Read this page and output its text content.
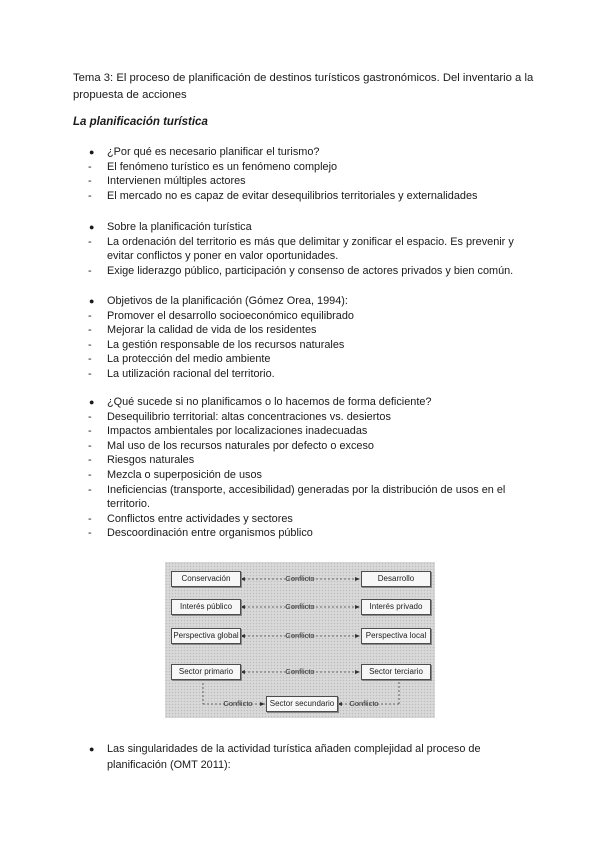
Tema 3: El proceso de planificación de destinos turísticos gastronómicos. Del inventario a la propuesta de acciones
La planificación turística
● ¿Por qué es necesario planificar el turismo?
- El fenómeno turístico es un fenómeno complejo
- Intervienen múltiples actores
- El mercado no es capaz de evitar desequilibrios territoriales y externalidades
● Sobre la planificación turística
- La ordenación del territorio es más que delimitar y zonificar el espacio. Es prevenir y evitar conflictos y poner en valor oportunidades.
- Exige liderazgo público, participación y consenso de actores privados y bien común.
● Objetivos de la planificación (Gómez Orea, 1994):
- Promover el desarrollo socioeconómico equilibrado
- Mejorar la calidad de vida de los residentes
- La gestión responsable de los recursos naturales
- La protección del medio ambiente
- La utilización racional del territorio.
● ¿Qué sucede si no planificamos o lo hacemos de forma deficiente?
- Desequilibrio territorial: altas concentraciones vs. desiertos
- Impactos ambientales por localizaciones inadecuadas
- Mal uso de los recursos naturales por defecto o exceso
- Riesgos naturales
- Mezcla o superposición de usos
- Ineficiencias (transporte, accesibilidad) generadas por la distribución de usos en el territorio.
- Conflictos entre actividades y sectores
- Descoordinación entre organismos público
Conservación
Interés público
Perspectiva global
Sector primario
Desarrollo
Interés privado
Perspectiva local
Sector terciario
Sector secundario
Conflicto
Conflicto
Conflicto
Conflicto
Conflicto	Conflicto
● Las singularidades de la actividad turística añaden complejidad al proceso de planificación (OMT 2011):
